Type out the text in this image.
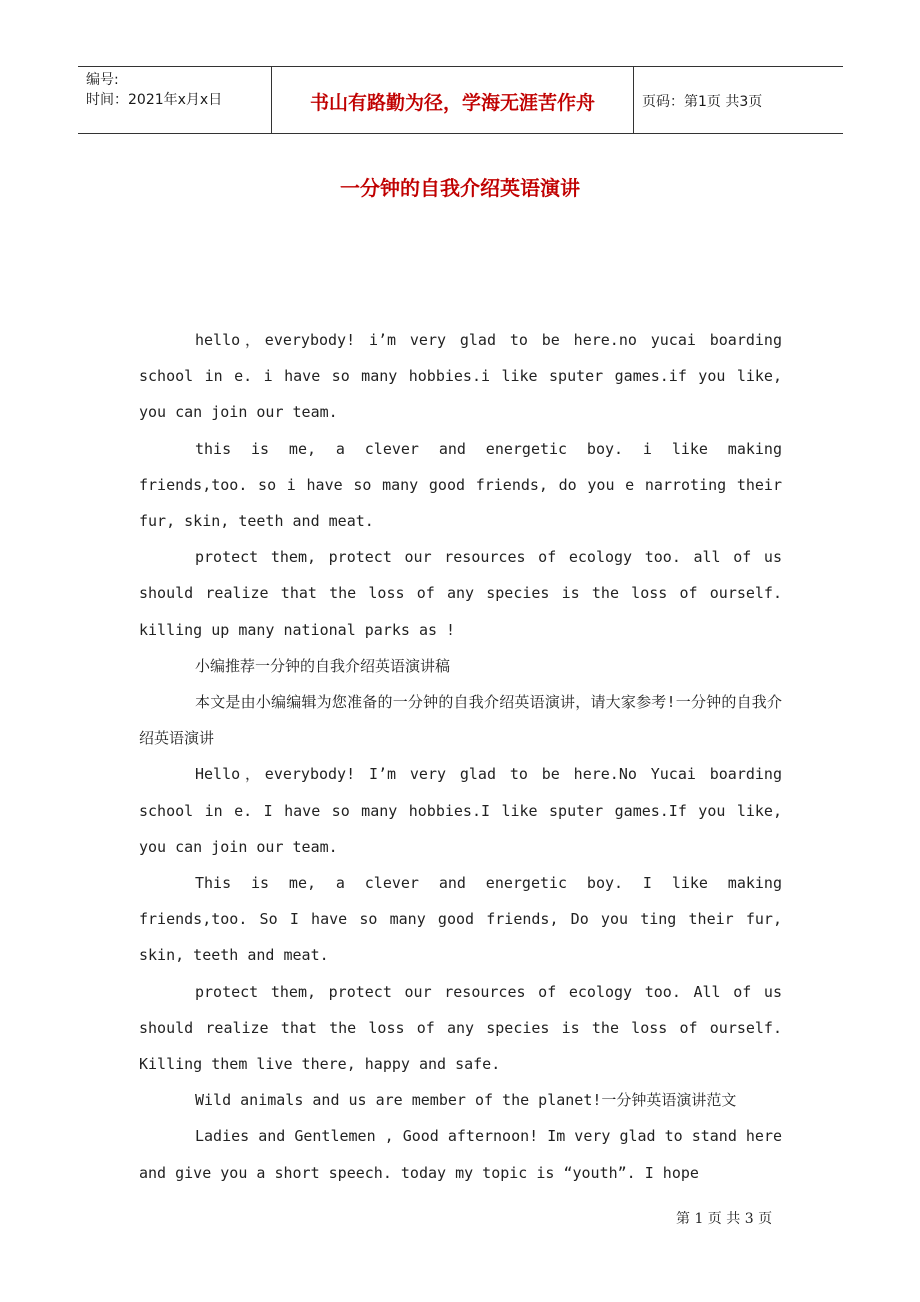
编号:
时间：2021年x月x日	书山有路勤为径，学海无涯苦作舟	页码：第1页 共3页
一分钟的自我介绍英语演讲

hello，everybody! i’m very glad to be here.no yucai boarding school in e. i have so many hobbies.i like sputer games.if you like, you can join our team.

this is me, a clever and energetic boy. i like making friends,too. so i have so many good friends, do you e narroting their fur, skin, teeth and meat.

protect them, protect our resources of ecology too. all of us should realize that the loss of any species is the loss of ourself. killing up many national parks as !

小编推荐一分钟的自我介绍英语演讲稿

本文是由小编编辑为您准备的一分钟的自我介绍英语演讲，请大家参考!一分钟的自我介绍英语演讲

Hello，everybody! I’m very glad to be here.No Yucai boarding school in e. I have so many hobbies.I like sputer games.If you like, you can join our team.

This is me, a clever and energetic boy. I like making friends,too. So I have so many good friends, Do you ting their fur, skin, teeth and meat.

protect them, protect our resources of ecology too. All of us should realize that the loss of any species is the loss of ourself. Killing them live there, happy and safe.

Wild animals and us are member of the planet!一分钟英语演讲范文

Ladies and Gentlemen , Good afternoon! Im very glad to stand here and give you a short speech. today my topic is “youth”. I hope

第 1 页 共 3 页
